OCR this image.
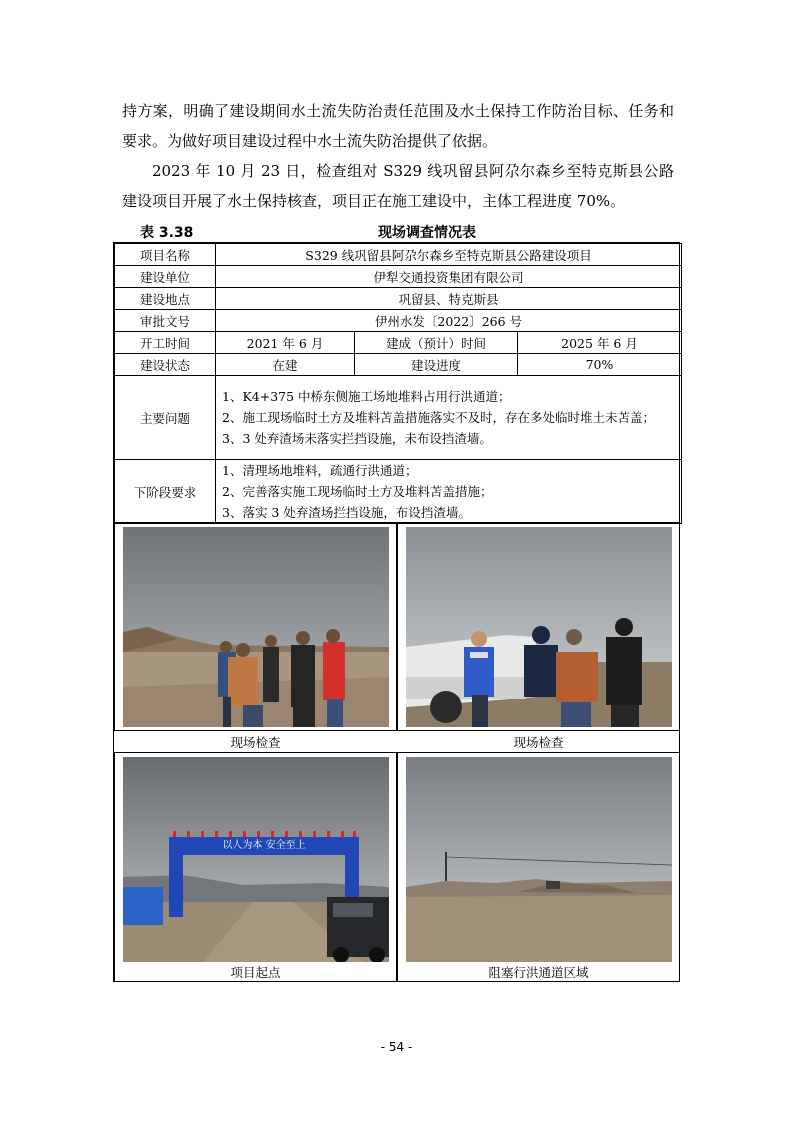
持方案，明确了建设期间水土流失防治责任范围及水土保持工作防治目标、任务和要求。为做好项目建设过程中水土流失防治提供了依据。

2023 年 10 月 23 日，检查组对 S329 线巩留县阿尕尔森乡至特克斯县公路建设项目开展了水土保持核查，项目正在施工建设中，主体工程进度 70%。

表 3.38	现场调查情况表
项目名称	S329 线巩留县阿尕尔森乡至特克斯县公路建设项目		
建设单位	伊犁交通投资集团有限公司		
建设地点	巩留县、特克斯县		
审批文号	伊州水发〔2022〕266 号		
开工时间	2021 年 6 月	建成（预计）时间	2025 年 6 月
建设状态	在建	建设进度	70%
主要问题	1、K4+375 中桥东侧施工场地堆料占用行洪通道；
2、施工现场临时土方及堆料苫盖措施落实不及时，存在多处临时堆土未苫盖；
3、3 处弃渣场未落实拦挡设施，未布设挡渣墙。		

下阶段要求	1、清理场地堆料，疏通行洪通道；
2、完善落实施工现场临时土方及堆料苫盖措施；
3、落实 3 处弃渣场拦挡设施，布设挡渣墙。		
现场检查	现场检查
以人为本 安全至上
项目起点	阻塞行洪通道区域
- 54 -
